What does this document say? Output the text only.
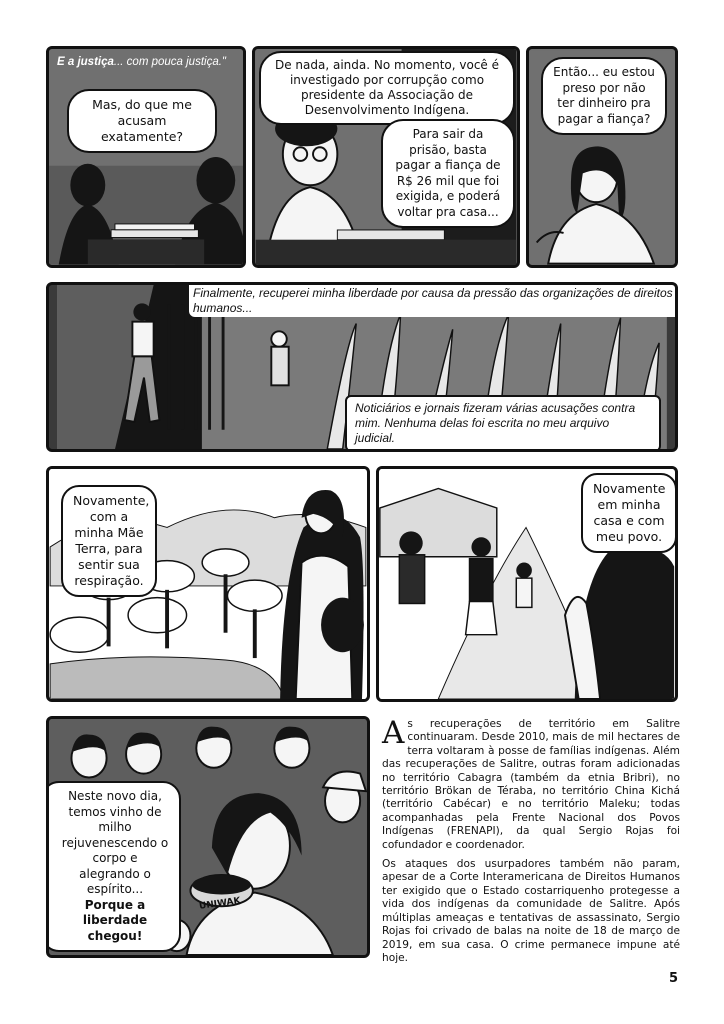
E a justiça... com pouca justiça."
Mas, do que me acusam exatamente?
De nada, ainda. No momento, você é investigado por corrupção como presidente da Associação de Desenvolvimento Indígena.
Para sair da prisão, basta pagar a fiança de R$ 26 mil que foi exigida, e poderá voltar pra casa...
Então... eu estou preso por não ter dinheiro pra pagar a fiança?
Finalmente, recuperei minha liberdade por causa da pressão das organizações de direitos humanos...
Noticiários e jornais fizeram várias acusações contra mim. Nenhuma delas foi escrita no meu arquivo judicial.
Novamente, com a minha Mãe Terra, para sentir sua respiração.
Novamente em minha casa e com meu povo.
Neste novo dia, temos vinho de milho rejuvenescendo o corpo e alegrando o espírito... Porque a liberdade chegou!
UNIWAK

As recuperações de território em Salitre continuaram. Desde 2010, mais de mil hectares de terra voltaram à posse de famílias indígenas. Além das recuperações de Salitre, outras foram adicionadas no território Cabagra (também da etnia Bribri), no território Brökan de Téraba, no território China Kichá (território Cabécar) e no território Maleku; todas acompanhadas pela Frente Nacional dos Povos Indígenas (FRENAPI), da qual Sergio Rojas foi cofundador e coordenador.

Os ataques dos usurpadores também não param, apesar de a Corte Interamericana de Direitos Humanos ter exigido que o Estado costarriquenho protegesse a vida dos indígenas da comunidade de Salitre. Após múltiplas ameaças e tentativas de assassinato, Sergio Rojas foi crivado de balas na noite de 18 de março de 2019, em sua casa. O crime permanece impune até hoje.

5
